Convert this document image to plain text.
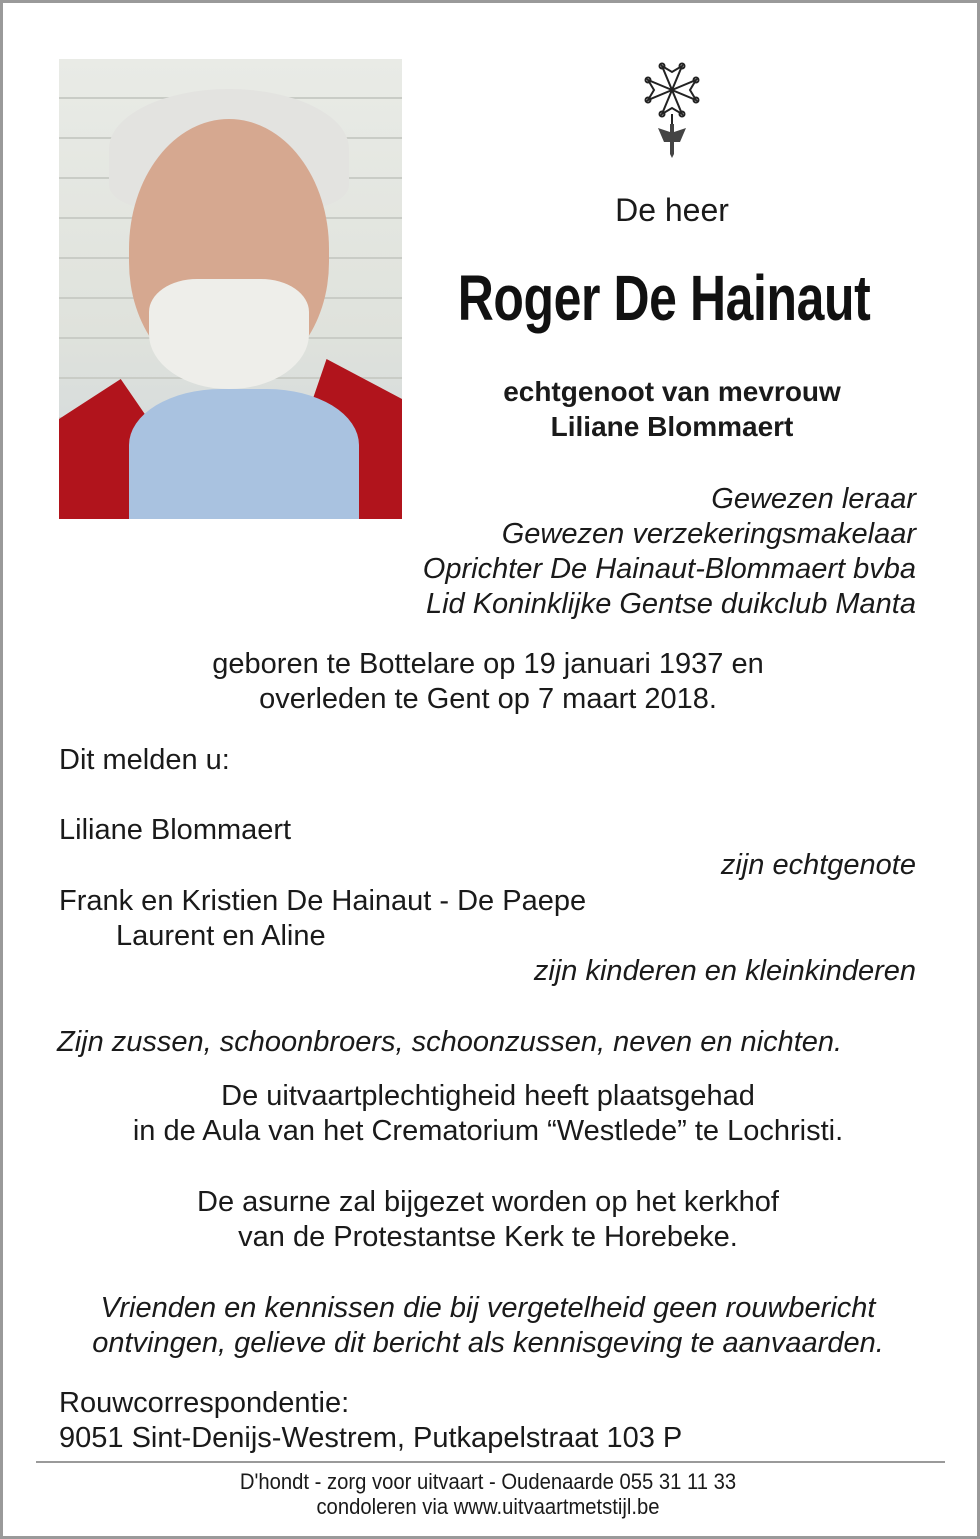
De heer
Roger De Hainaut
echtgenoot van mevrouw
Liliane Blommaert
Gewezen leraar
Gewezen verzekeringsmakelaar
Oprichter De Hainaut-Blommaert bvba
Lid Koninklijke Gentse duikclub Manta
geboren te Bottelare op 19 januari 1937 en
overleden te Gent op 7 maart 2018.
Dit melden u:
Liliane Blommaert
zijn echtgenote
Frank en Kristien De Hainaut - De Paepe
Laurent en Aline
zijn kinderen en kleinkinderen
Zijn zussen, schoonbroers, schoonzussen, neven en nichten.
De uitvaartplechtigheid heeft plaatsgehad
in de Aula van het Crematorium “Westlede” te Lochristi.
De asurne zal bijgezet worden op het kerkhof
van de Protestantse Kerk te Horebeke.
Vrienden en kennissen die bij vergetelheid geen rouwbericht
ontvingen, gelieve dit bericht als kennisgeving te aanvaarden.
Rouwcorrespondentie:
9051 Sint-Denijs-Westrem, Putkapelstraat 103 P
D'hondt - zorg voor uitvaart - Oudenaarde 055 31 11 33
condoleren via www.uitvaartmetstijl.be
